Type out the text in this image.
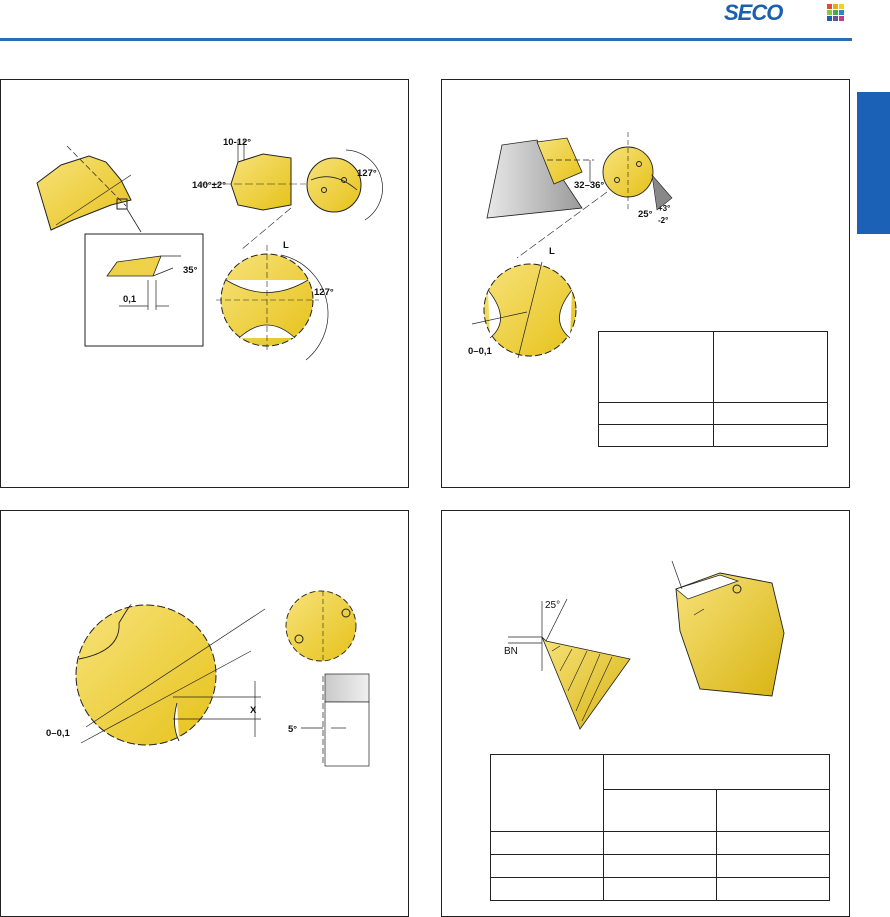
SECO
35°
0,1
10-12°
140°±2°
127°
L
127°
32–36°
25°
+3°
-2°
L
0–0,1

X
0–0,1	5°
25°
BN
